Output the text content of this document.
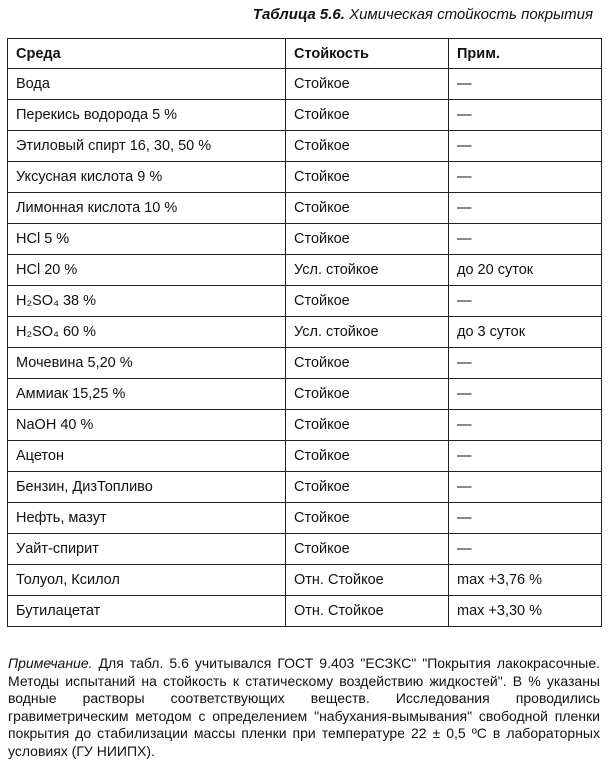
Таблица 5.6. Химическая стойкость покрытия
Среда	Стойкость	Прим.
Вода	Стойкое	—
Перекись водорода 5 %	Стойкое	—
Этиловый спирт 16, 30, 50 %	Стойкое	—
Уксусная кислота 9 %	Стойкое	—
Лимонная кислота 10 %	Стойкое	—
HCl 5 %	Стойкое	—
HCl 20 %	Усл. стойкое	до 20 суток
H₂SO₄ 38 %	Стойкое	—
H₂SO₄ 60 %	Усл. стойкое	до 3 суток
Мочевина 5,20 %	Стойкое	—
Аммиак 15,25 %	Стойкое	—
NaOH 40 %	Стойкое	—
Ацетон	Стойкое	—
Бензин, ДизТопливо	Стойкое	—
Нефть, мазут	Стойкое	—
Уайт-спирит	Стойкое	—
Толуол, Ксилол	Отн. Стойкое	max +3,76 %
Бутилацетат	Отн. Стойкое	max +3,30 %
Примечание. Для табл. 5.6 учитывался ГОСТ 9.403 "ЕСЗКС" "Покрытия лакокрасочные. Методы испытаний на стойкость к статическому воздействию жидкостей". В % указаны водные растворы соответствующих веществ. Исследования проводились гравиметрическим методом с определением "набухания-вымывания" свободной пленки покрытия до стабилизации массы пленки при температуре 22 ± 0,5 ºС в лабораторных условиях (ГУ НИИПХ).
